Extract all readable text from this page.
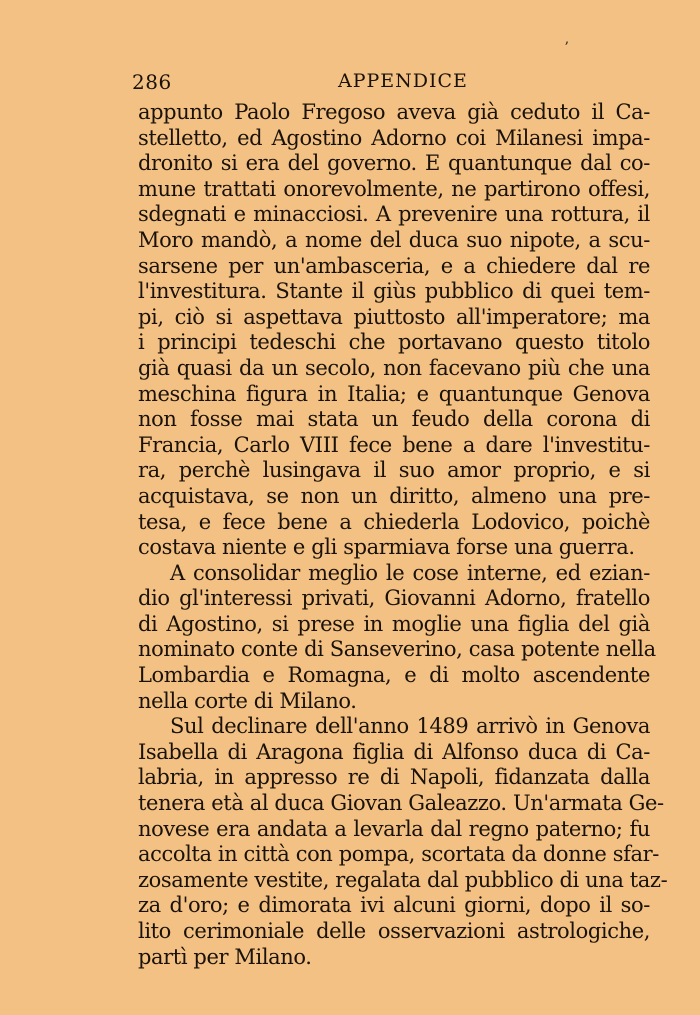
ʼ
286	APPENDICE
appunto Paolo Fregoso aveva già ceduto il Ca-
stelletto, ed Agostino Adorno coi Milanesi impa-
dronito si era del governo. E quantunque dal co-
mune trattati onorevolmente, ne partirono offesi,
sdegnati e minacciosi. A prevenire una rottura, il
Moro mandò, a nome del duca suo nipote, a scu-
sarsene per un'ambasceria, e a chiedere dal re
l'investitura. Stante il giùs pubblico di quei tem-
pi, ciò si aspettava piuttosto all'imperatore; ma
i principi tedeschi che portavano questo titolo
già quasi da un secolo, non facevano più che una
meschina figura in Italia; e quantunque Genova
non fosse mai stata un feudo della corona di
Francia, Carlo VIII fece bene a dare l'investitu-
ra, perchè lusingava il suo amor proprio, e si
acquistava, se non un diritto, almeno una pre-
tesa, e fece bene a chiederla Lodovico, poichè
costava niente e gli sparmiava forse una guerra.
A consolidar meglio le cose interne, ed ezian-
dio gl'interessi privati, Giovanni Adorno, fratello
di Agostino, si prese in moglie una figlia del già
nominato conte di Sanseverino, casa potente nella
Lombardia e Romagna, e di molto ascendente
nella corte di Milano.
Sul declinare dell'anno 1489 arrivò in Genova
Isabella di Aragona figlia di Alfonso duca di Ca-
labria, in appresso re di Napoli, fidanzata dalla
tenera età al duca Giovan Galeazzo. Un'armata Ge-
novese era andata a levarla dal regno paterno; fu
accolta in città con pompa, scortata da donne sfar-
zosamente vestite, regalata dal pubblico di una taz-
za d'oro; e dimorata ivi alcuni giorni, dopo il so-
lito cerimoniale delle osservazioni astrologiche,
partì per Milano.
